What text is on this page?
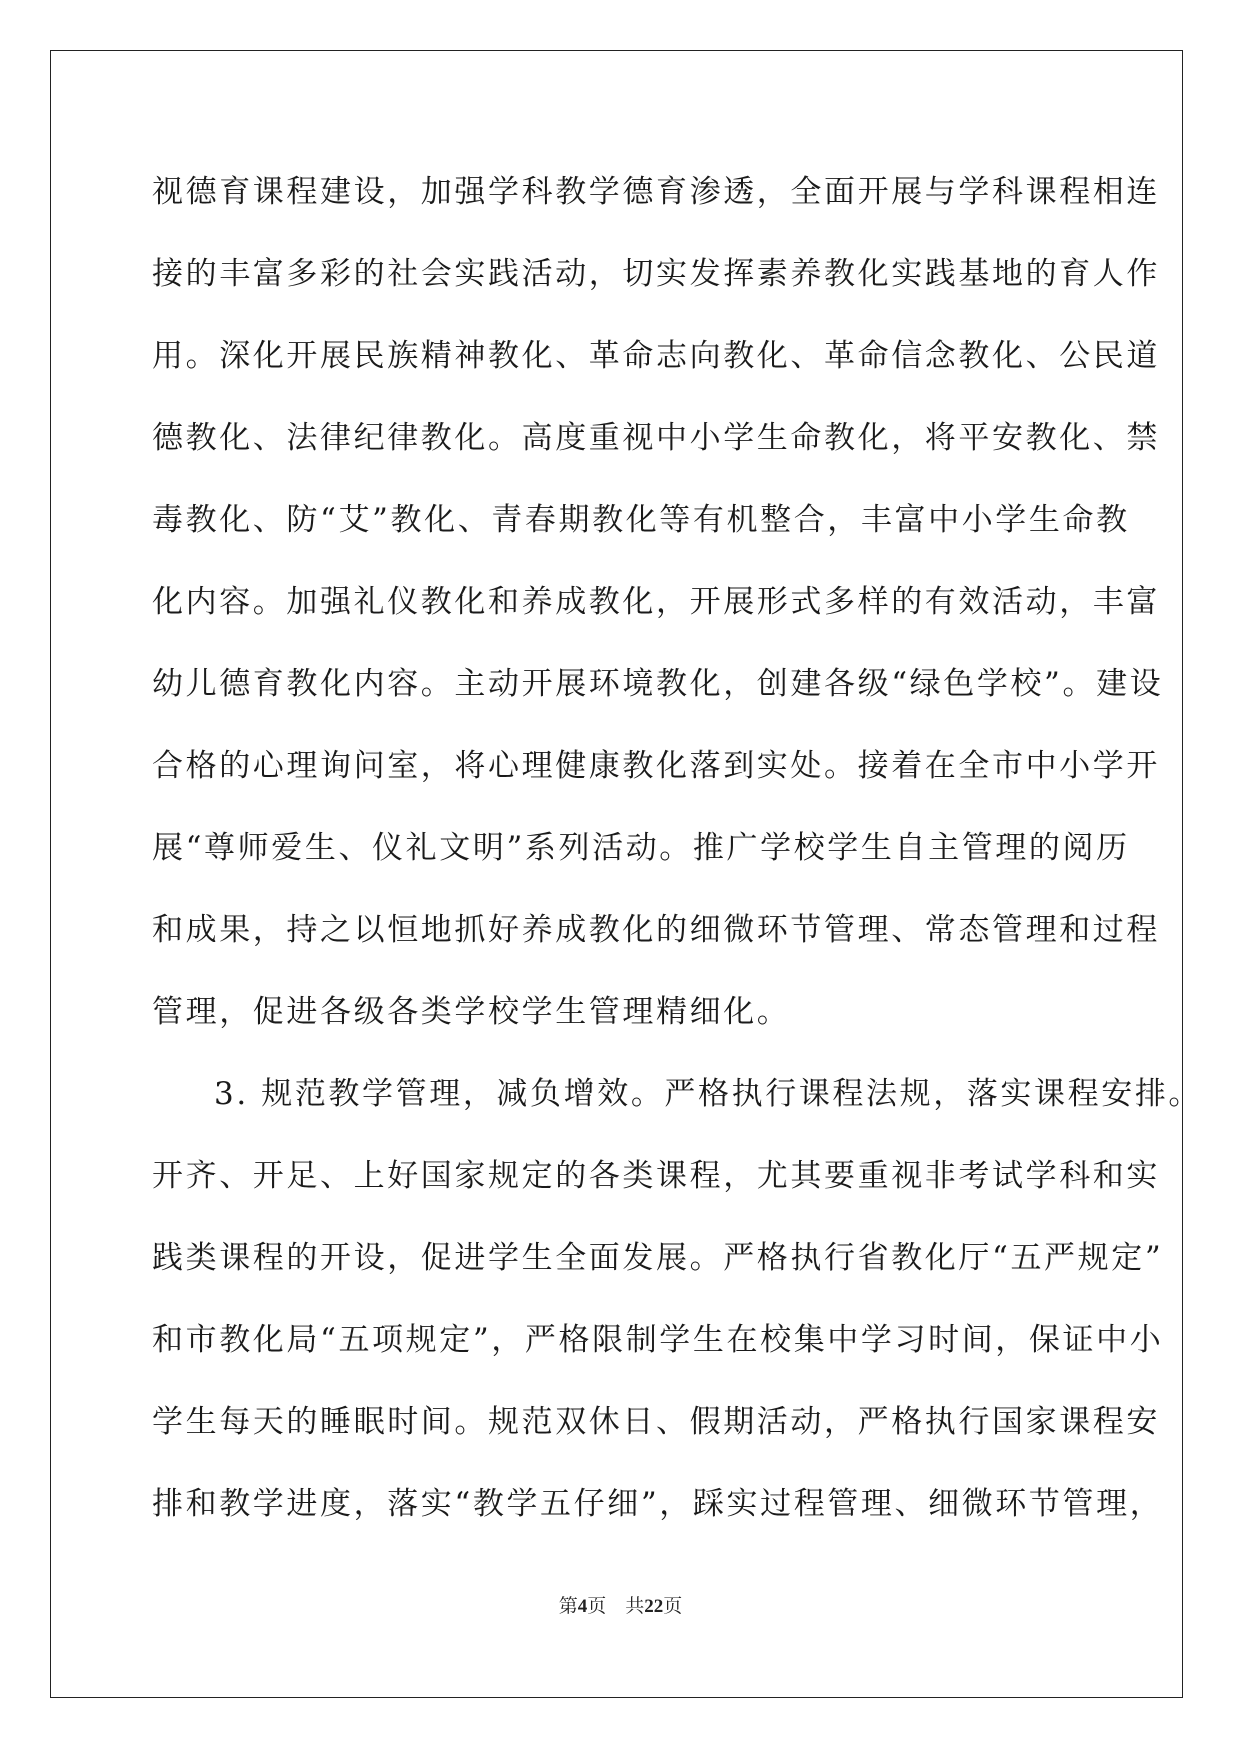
视德育课程建设，加强学科教学德育渗透，全面开展与学科课程相连
接的丰富多彩的社会实践活动，切实发挥素养教化实践基地的育人作
用。深化开展民族精神教化、革命志向教化、革命信念教化、公民道
德教化、法律纪律教化。高度重视中小学生命教化，将平安教化、禁
毒教化、防“艾”教化、青春期教化等有机整合，丰富中小学生命教
化内容。加强礼仪教化和养成教化，开展形式多样的有效活动，丰富
幼儿德育教化内容。主动开展环境教化，创建各级“绿色学校”。建设
合格的心理询问室，将心理健康教化落到实处。接着在全市中小学开
展“尊师爱生、仪礼文明”系列活动。推广学校学生自主管理的阅历
和成果，持之以恒地抓好养成教化的细微环节管理、常态管理和过程
管理，促进各级各类学校学生管理精细化。
3. 规范教学管理，减负增效。严格执行课程法规，落实课程安排。
开齐、开足、上好国家规定的各类课程，尤其要重视非考试学科和实
践类课程的开设，促进学生全面发展。严格执行省教化厅“五严规定”
和市教化局“五项规定”，严格限制学生在校集中学习时间，保证中小
学生每天的睡眠时间。规范双休日、假期活动，严格执行国家课程安
排和教学进度，落实“教学五仔细”，踩实过程管理、细微环节管理，
第4页 共22页
